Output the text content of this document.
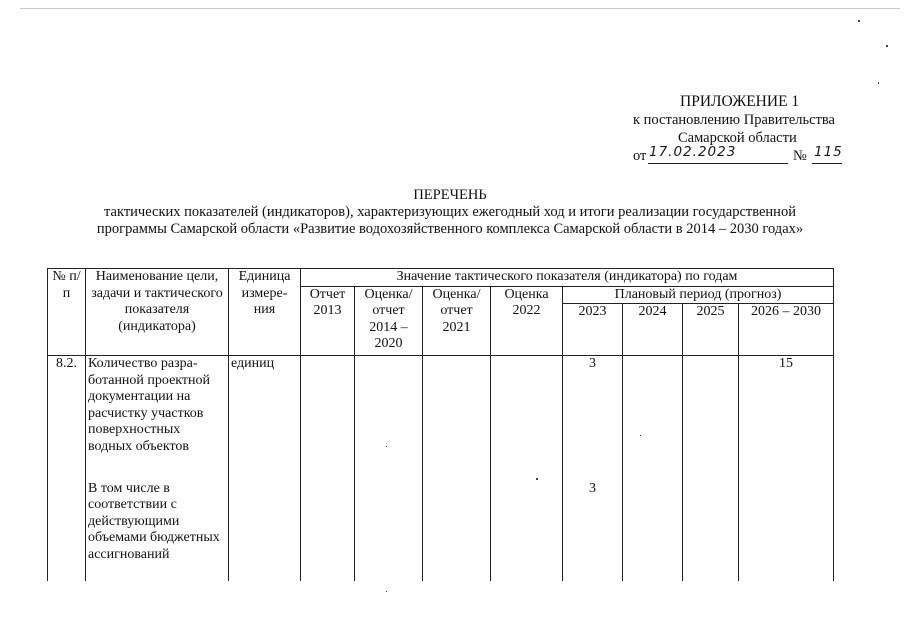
ПРИЛОЖЕНИЕ 1
к постановлению Правительства
Самарской области
от 17.02.2023	№ 115
ПЕРЕЧЕНЬ
тактических показателей (индикаторов), характеризующих ежегодный ход и итоги реализации государственной
программы Самарской области «Развитие водохозяйственного комплекса Самарской области в 2014 – 2030 годах»
№ п/п	Наименование цели, задачи и тактического показателя (индикатора)	Единица измере-ния	Значение тактического показателя (индикатора) по годам							
			Отчет 2013	Оценка/ отчет 2014 – 2020	Оценка/ отчет 2021	Оценка 2022	Плановый период (прогноз)			
							2023	2024	2025	2026 – 2030
8.2.	Количество разра-ботанной проектной документации на расчистку участков поверхностных водных объектов	единиц					3			15
	В том числе в соответствии с действующими объемами бюджетных ассигнований						3			
